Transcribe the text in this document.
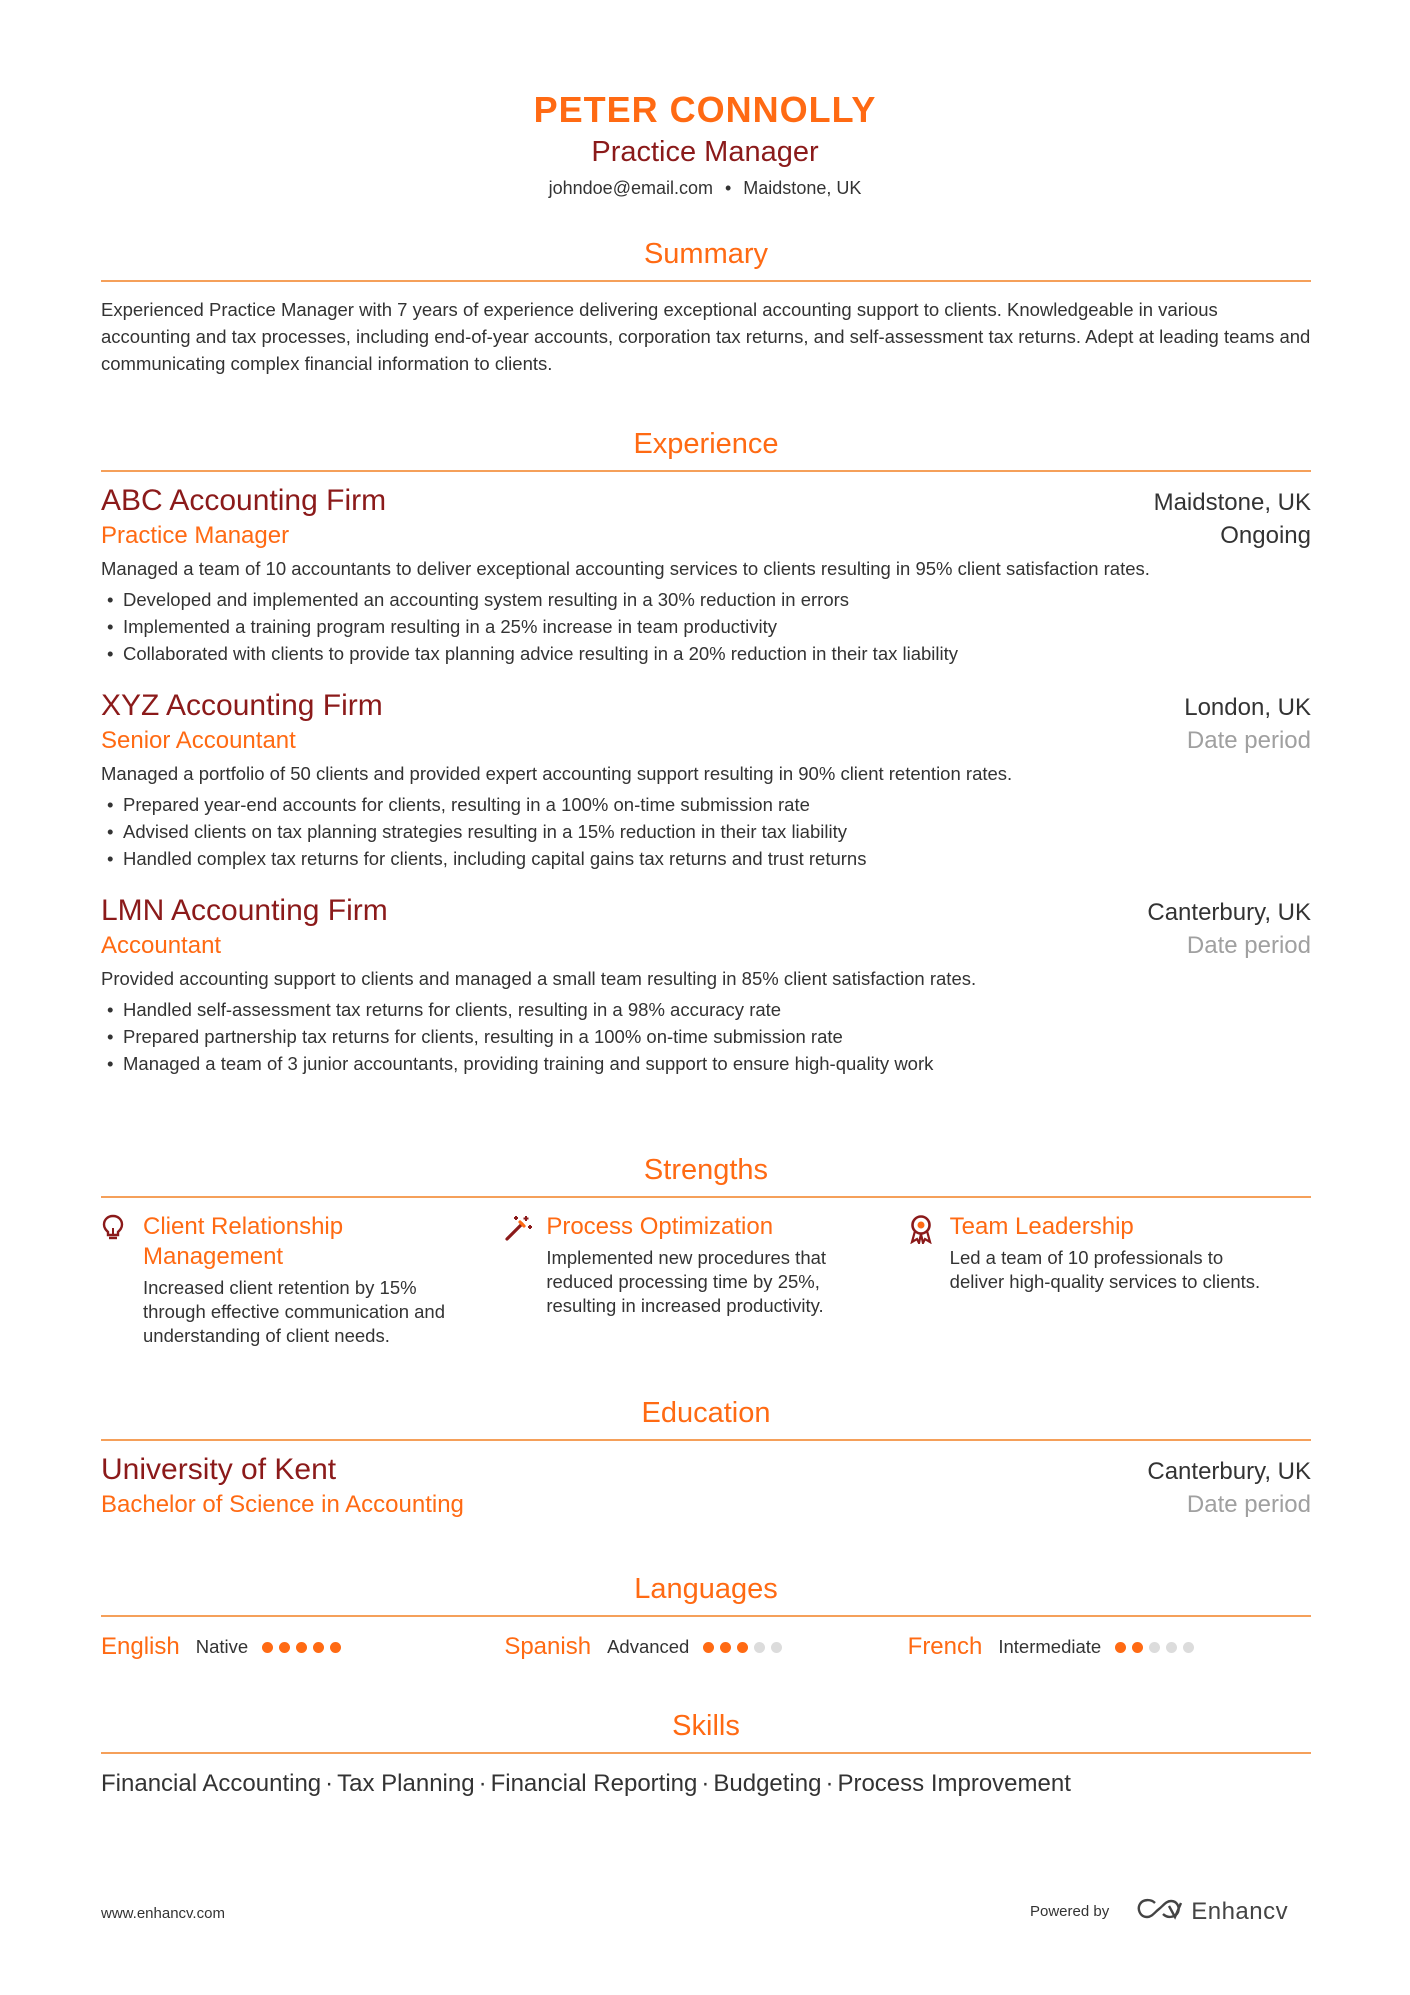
PETER CONNOLLY
Practice Manager
johndoe@email.com • Maidstone, UK
Summary
Experienced Practice Manager with 7 years of experience delivering exceptional accounting support to clients. Knowledgeable in various accounting and tax processes, including end-of-year accounts, corporation tax returns, and self-assessment tax returns. Adept at leading teams and communicating complex financial information to clients.
Experience
ABC Accounting Firm	Maidstone, UK
Practice Manager	Ongoing
Managed a team of 10 accountants to deliver exceptional accounting services to clients resulting in 95% client satisfaction rates.
• Developed and implemented an accounting system resulting in a 30% reduction in errors
• Implemented a training program resulting in a 25% increase in team productivity
• Collaborated with clients to provide tax planning advice resulting in a 20% reduction in their tax liability
XYZ Accounting Firm	London, UK
Senior Accountant	Date period
Managed a portfolio of 50 clients and provided expert accounting support resulting in 90% client retention rates.
• Prepared year-end accounts for clients, resulting in a 100% on-time submission rate
• Advised clients on tax planning strategies resulting in a 15% reduction in their tax liability
• Handled complex tax returns for clients, including capital gains tax returns and trust returns
LMN Accounting Firm	Canterbury, UK
Accountant	Date period
Provided accounting support to clients and managed a small team resulting in 85% client satisfaction rates.
• Handled self-assessment tax returns for clients, resulting in a 98% accuracy rate
• Prepared partnership tax returns for clients, resulting in a 100% on-time submission rate
• Managed a team of 3 junior accountants, providing training and support to ensure high-quality work
Strengths
Client Relationship Management
Increased client retention by 15% through effective communication and understanding of client needs.
Process Optimization
Implemented new procedures that reduced processing time by 25%, resulting in increased productivity.
Team Leadership
Led a team of 10 professionals to deliver high-quality services to clients.
Education
University of Kent	Canterbury, UK
Bachelor of Science in Accounting	Date period
Languages
English Native	Spanish Advanced	French Intermediate
Skills
Financial Accounting · Tax Planning · Financial Reporting · Budgeting · Process Improvement
www.enhancv.com	Powered by	Enhancv
